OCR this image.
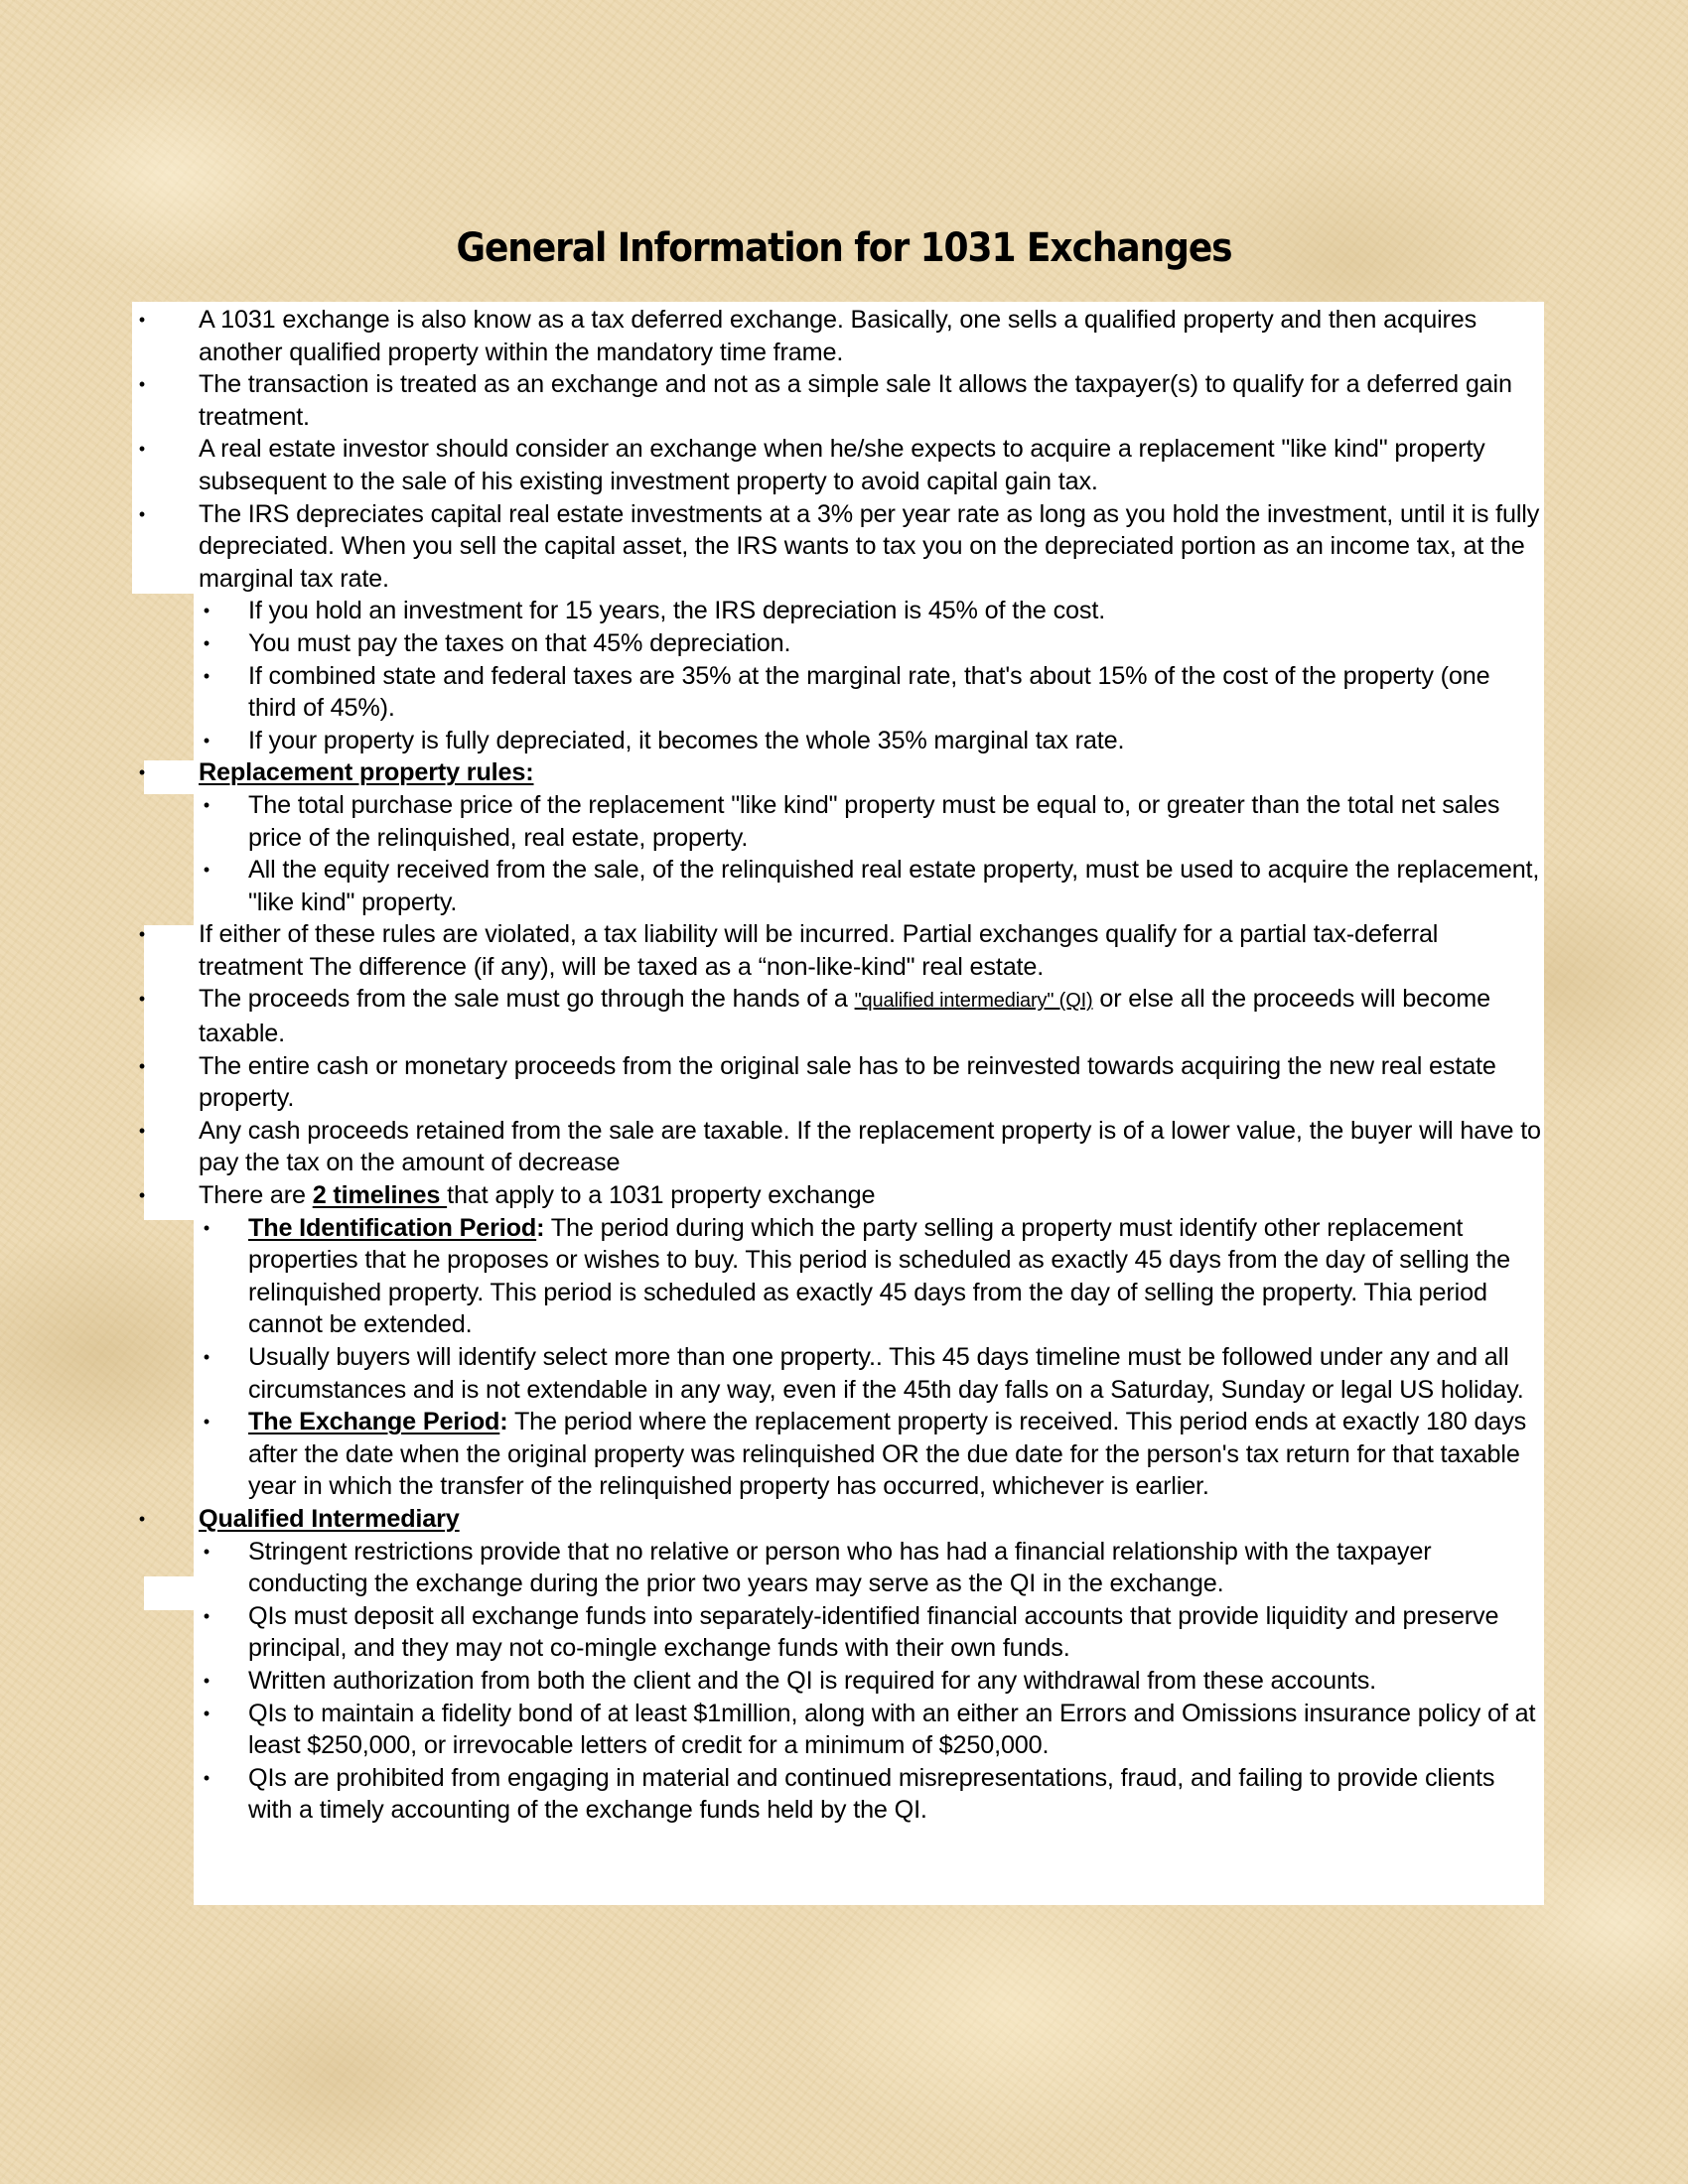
General Information for 1031 Exchanges
• A 1031 exchange is also know as a tax deferred exchange. Basically, one sells a qualified property and then acquires another qualified property within the mandatory time frame.
• The transaction is treated as an exchange and not as a simple sale It allows the taxpayer(s) to qualify for a deferred gain treatment.
• A real estate investor should consider an exchange when he/she expects to acquire a replacement "like kind" property subsequent to the sale of his existing investment property to avoid capital gain tax.
• The IRS depreciates capital real estate investments at a 3% per year rate as long as you hold the investment, until it is fully depreciated. When you sell the capital asset, the IRS wants to tax you on the depreciated portion as an income tax, at the marginal tax rate.
• If you hold an investment for 15 years, the IRS depreciation is 45% of the cost.
• You must pay the taxes on that 45% depreciation.
• If combined state and federal taxes are 35% at the marginal rate, that's about 15% of the cost of the property (one third of 45%).
• If your property is fully depreciated, it becomes the whole 35% marginal tax rate.
• Replacement property rules:
• The total purchase price of the replacement "like kind" property must be equal to, or greater than the total net sales price of the relinquished, real estate, property.
• All the equity received from the sale, of the relinquished real estate property, must be used to acquire the replacement, "like kind" property.
• If either of these rules are violated, a tax liability will be incurred. Partial exchanges qualify for a partial tax-deferral treatment The difference (if any), will be taxed as a “non-like-kind" real estate.
• The proceeds from the sale must go through the hands of a "qualified intermediary" (QI) or else all the proceeds will become taxable.
• The entire cash or monetary proceeds from the original sale has to be reinvested towards acquiring the new real estate property.
• Any cash proceeds retained from the sale are taxable. If the replacement property is of a lower value, the buyer will have to pay the tax on the amount of decrease
• There are 2 timelines that apply to a 1031 property exchange
• The Identification Period: The period during which the party selling a property must identify other replacement properties that he proposes or wishes to buy. This period is scheduled as exactly 45 days from the day of selling the relinquished property. This period is scheduled as exactly 45 days from the day of selling the property. Thia period cannot be extended.
• Usually buyers will identify select more than one property.. This 45 days timeline must be followed under any and all circumstances and is not extendable in any way, even if the 45th day falls on a Saturday, Sunday or legal US holiday.
• The Exchange Period: The period where the replacement property is received. This period ends at exactly 180 days after the date when the original property was relinquished OR the due date for the person's tax return for that taxable year in which the transfer of the relinquished property has occurred, whichever is earlier.
• Qualified Intermediary
• Stringent restrictions provide that no relative or person who has had a financial relationship with the taxpayer conducting the exchange during the prior two years may serve as the QI in the exchange.
• QIs must deposit all exchange funds into separately-identified financial accounts that provide liquidity and preserve principal, and they may not co-mingle exchange funds with their own funds.
• Written authorization from both the client and the QI is required for any withdrawal from these accounts.
• QIs to maintain a fidelity bond of at least $1million, along with an either an Errors and Omissions insurance policy of at least $250,000, or irrevocable letters of credit for a minimum of $250,000.
• QIs are prohibited from engaging in material and continued misrepresentations, fraud, and failing to provide clients with a timely accounting of the exchange funds held by the QI.
